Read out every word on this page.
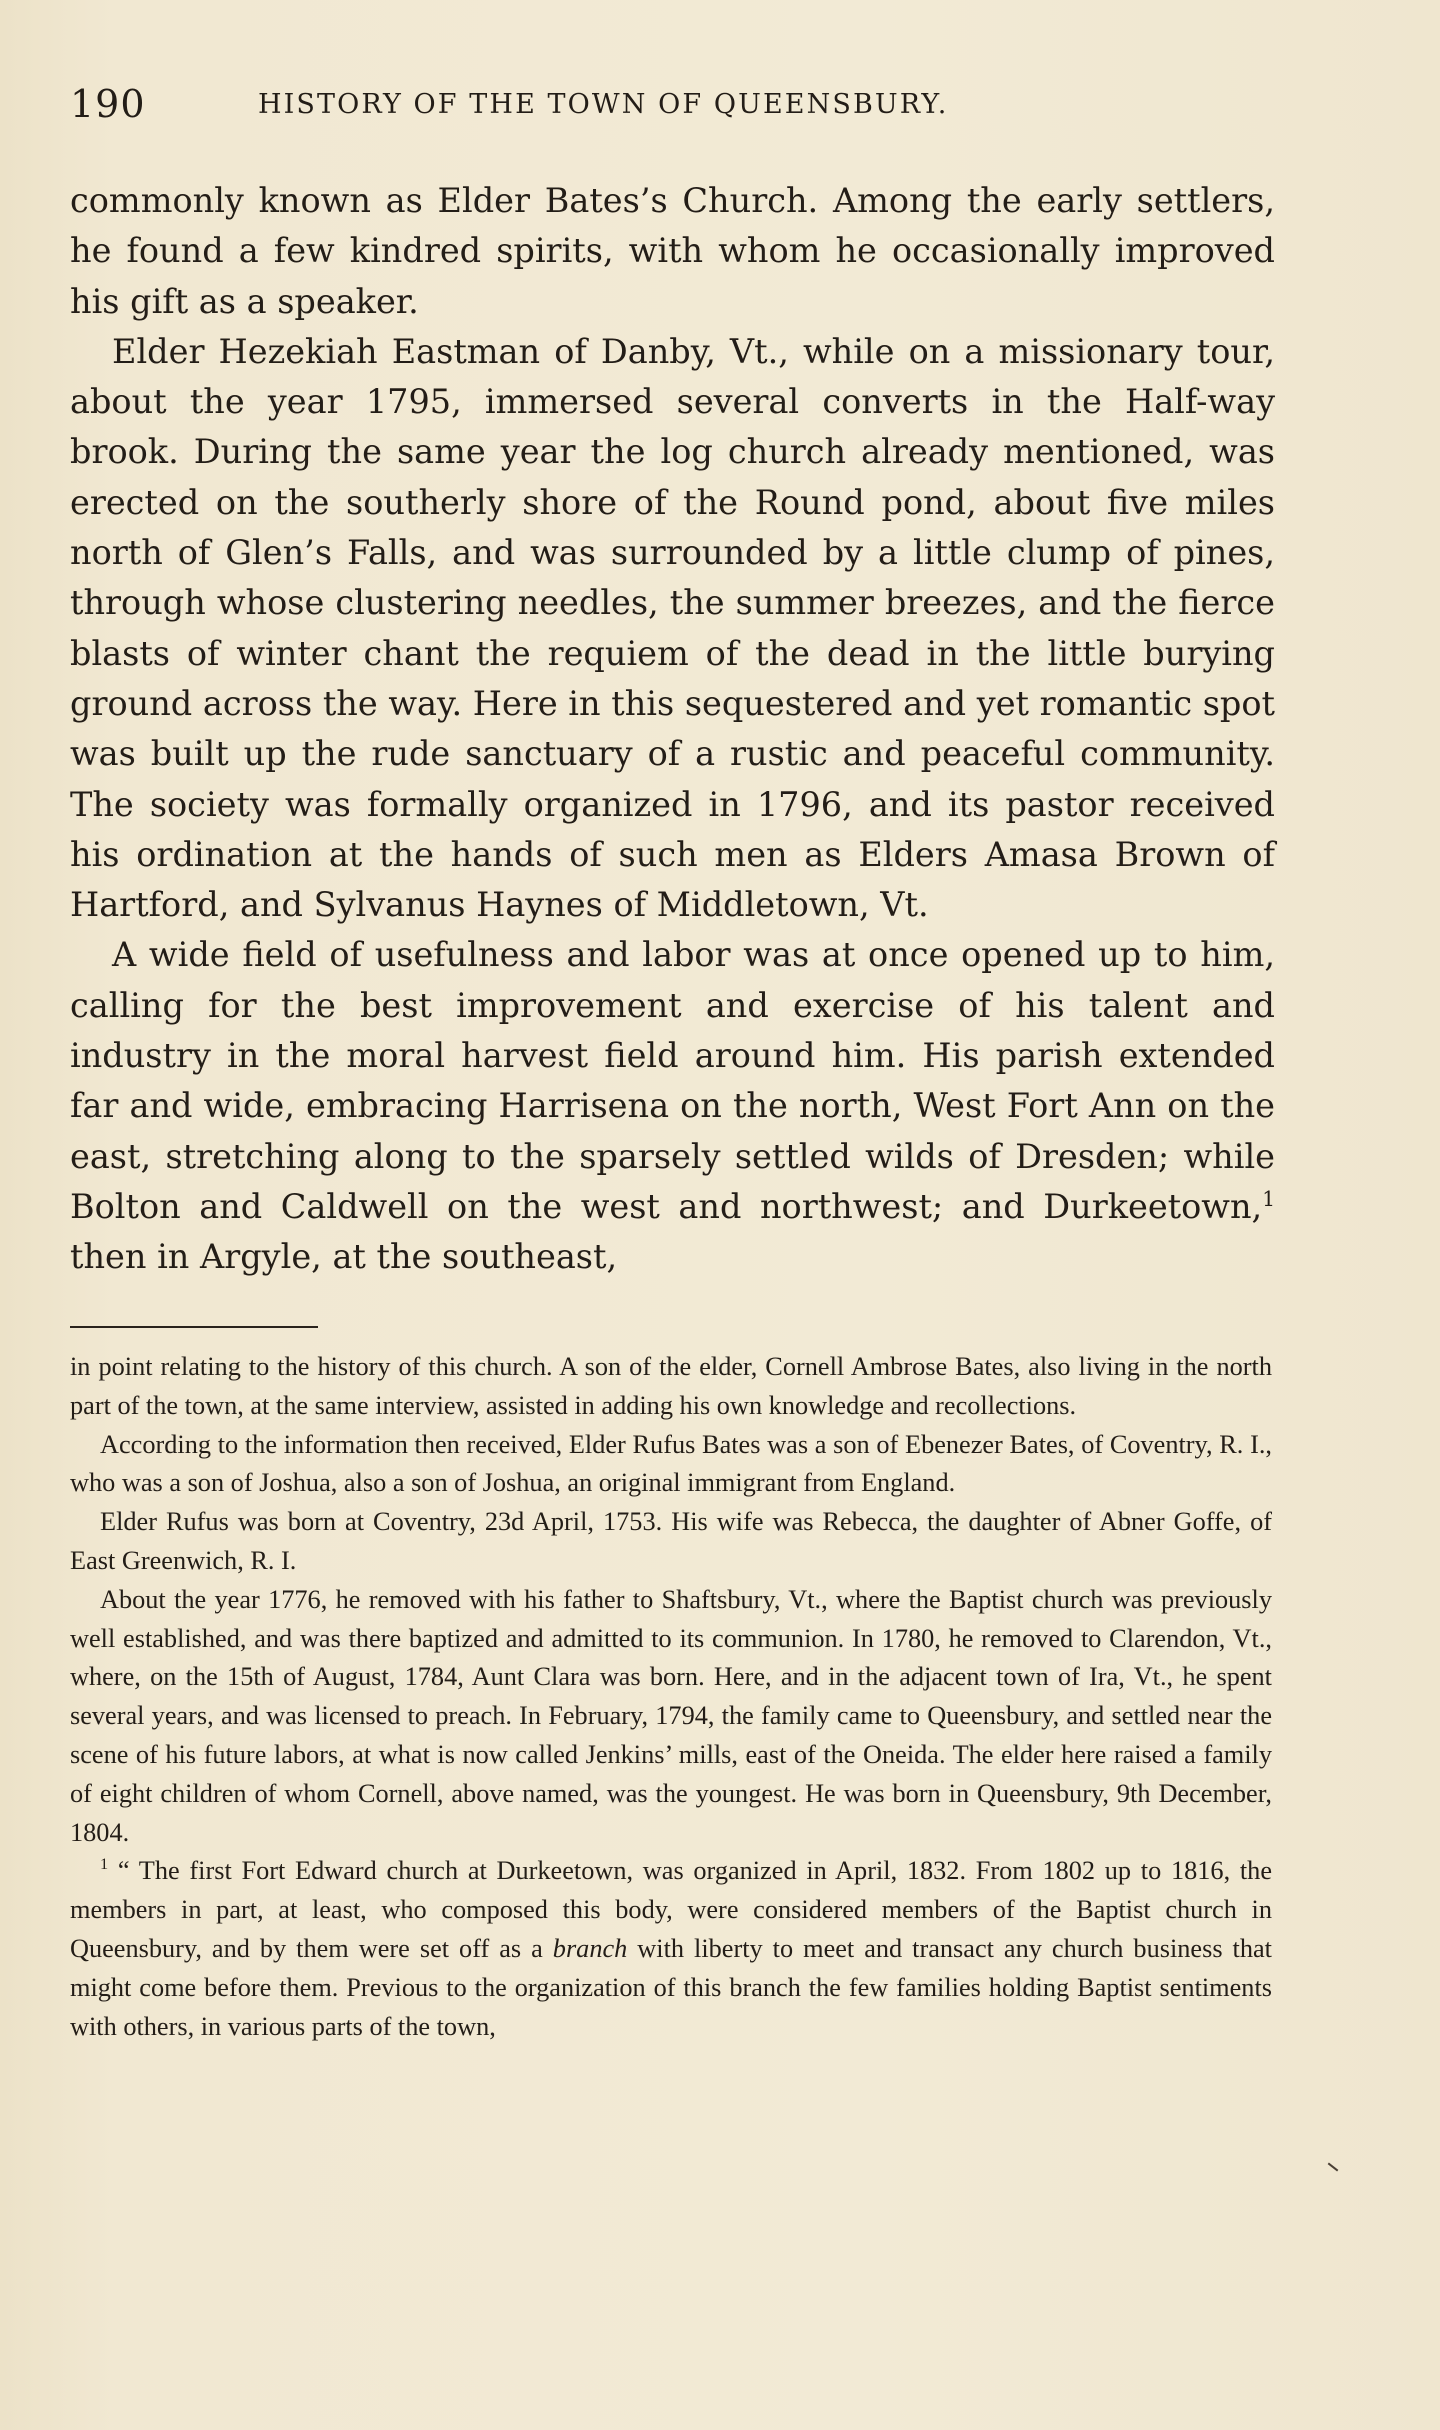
190	HISTORY OF THE TOWN OF QUEENSBURY.

commonly known as Elder Bates’s Church. Among the early settlers, he found a few kindred spirits, with whom he occasionally improved his gift as a speaker.

Elder Hezekiah Eastman of Danby, Vt., while on a missionary tour, about the year 1795, immersed several converts in the Half-way brook. During the same year the log church already mentioned, was erected on the southerly shore of the Round pond, about five miles north of Glen’s Falls, and was surrounded by a little clump of pines, through whose clustering needles, the summer breezes, and the fierce blasts of winter chant the requiem of the dead in the little burying ground across the way. Here in this sequestered and yet romantic spot was built up the rude sanctuary of a rustic and peaceful community. The society was formally organized in 1796, and its pastor received his ordination at the hands of such men as Elders Amasa Brown of Hartford, and Sylvanus Haynes of Middletown, Vt.

A wide field of usefulness and labor was at once opened up to him, calling for the best improvement and exercise of his talent and industry in the moral harvest field around him. His parish extended far and wide, embracing Harrisena on the north, West Fort Ann on the east, stretching along to the sparsely settled wilds of Dresden; while Bolton and Caldwell on the west and northwest; and Durkeetown,$^1$ then in Argyle, at the southeast,

in point relating to the history of this church. A son of the elder, Cornell Ambrose Bates, also living in the north part of the town, at the same interview, assisted in adding his own knowledge and recollections.

According to the information then received, Elder Rufus Bates was a son of Ebenezer Bates, of Coventry, R. I., who was a son of Joshua, also a son of Joshua, an original immigrant from England.

Elder Rufus was born at Coventry, 23d April, 1753. His wife was Rebecca, the daughter of Abner Goffe, of East Greenwich, R. I.

About the year 1776, he removed with his father to Shaftsbury, Vt., where the Baptist church was previously well established, and was there baptized and admitted to its communion. In 1780, he removed to Clarendon, Vt., where, on the 15th of August, 1784, Aunt Clara was born. Here, and in the adjacent town of Ira, Vt., he spent several years, and was licensed to preach. In February, 1794, the family came to Queensbury, and settled near the scene of his future labors, at what is now called Jenkins’ mills, east of the Oneida. The elder here raised a family of eight children of whom Cornell, above named, was the youngest. He was born in Queensbury, 9th December, 1804.

$^1$ “ The first Fort Edward church at Durkeetown, was organized in April, 1832. From 1802 up to 1816, the members in part, at least, who composed this body, were considered members of the Baptist church in Queensbury, and by them were set off as a branch with liberty to meet and transact any church business that might come before them. Previous to the organization of this branch the few families holding Baptist sentiments with others, in various parts of the town,
